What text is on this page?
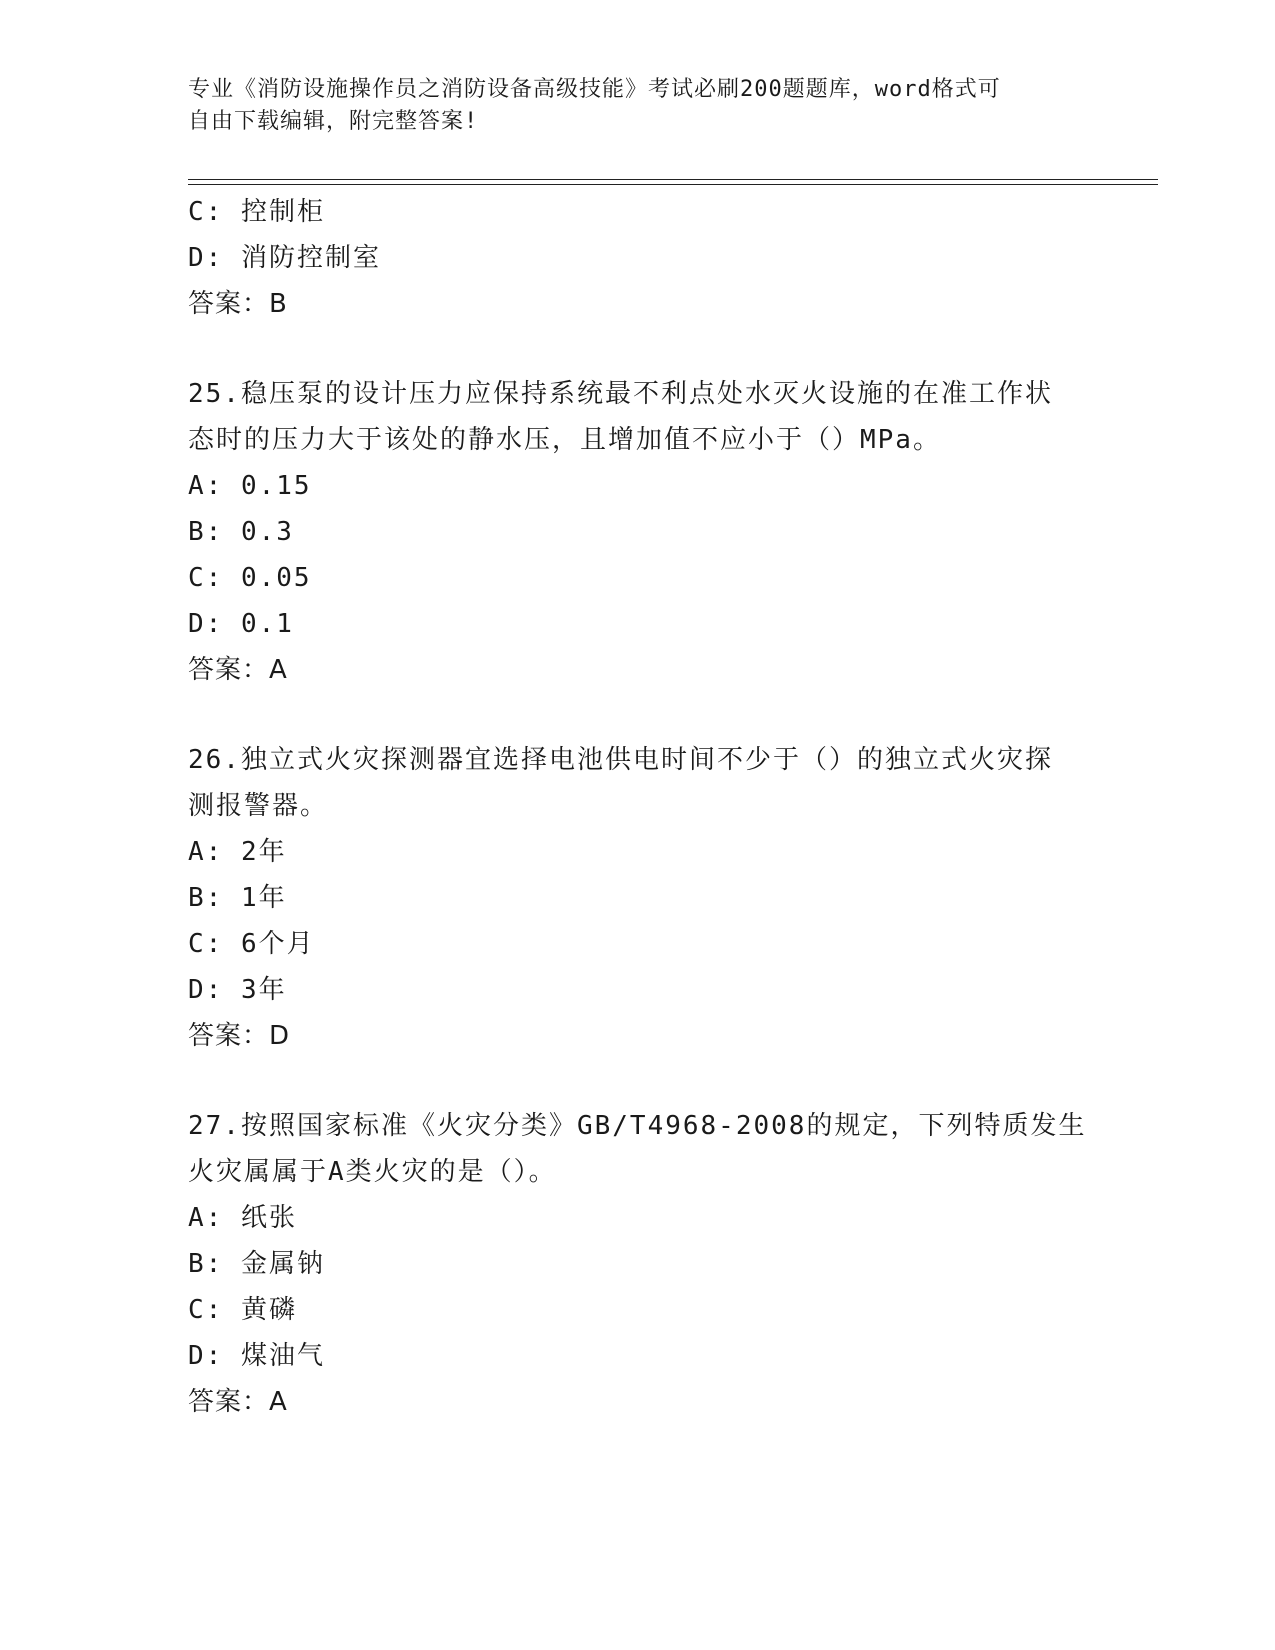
专业《消防设施操作员之消防设备高级技能》考试必刷200题题库，word格式可
自由下载编辑，附完整答案!
C: 控制柜
D: 消防控制室
答案：B
25.稳压泵的设计压力应保持系统最不利点处水灭火设施的在准工作状
态时的压力大于该处的静水压，且增加值不应小于（）MPa。
A: 0.15
B: 0.3
C: 0.05
D: 0.1
答案：A
26.独立式火灾探测器宜选择电池供电时间不少于（）的独立式火灾探
测报警器。
A: 2年
B: 1年
C: 6个月
D: 3年
答案：D
27.按照国家标准《火灾分类》GB/T4968-2008的规定，下列特质发生
火灾属属于A类火灾的是（）。
A: 纸张
B: 金属钠
C: 黄磷
D: 煤油气
答案：A
